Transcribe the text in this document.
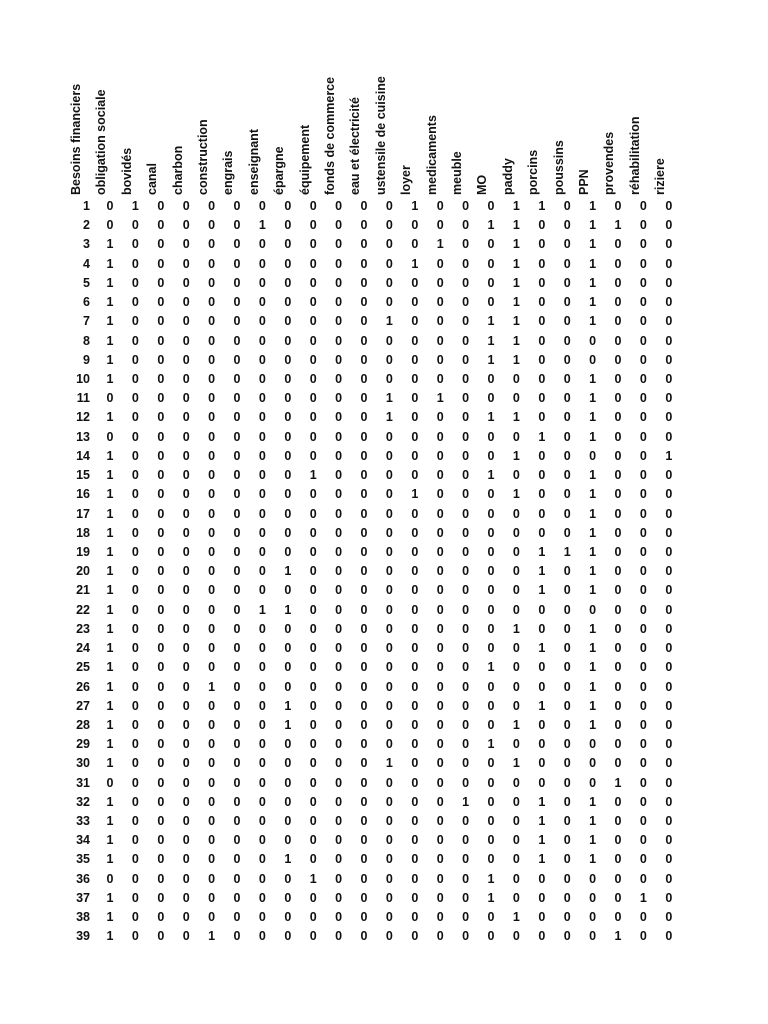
Besoins financiers obligation sociale bovidés canal charbon construction engrais enseignant épargne équipement fonds de commerce eau et électricité ustensile de cuisine loyer medicaments meuble MO paddy porcins poussins PPN provendes réhabilitation riziere
1 0 1 0 0 0 0 0 0 0 0 0 0 1 0 0 0 1 1 0 1 0 0 0
2 0 0 0 0 0 0 1 0 0 0 0 0 0 0 0 1 1 0 0 1 1 0 0
3 1 0 0 0 0 0 0 0 0 0 0 0 0 1 0 0 1 0 0 1 0 0 0
4 1 0 0 0 0 0 0 0 0 0 0 0 1 0 0 0 1 0 0 1 0 0 0
5 1 0 0 0 0 0 0 0 0 0 0 0 0 0 0 0 1 0 0 1 0 0 0
6 1 0 0 0 0 0 0 0 0 0 0 0 0 0 0 0 1 0 0 1 0 0 0
7 1 0 0 0 0 0 0 0 0 0 0 1 0 0 0 1 1 0 0 1 0 0 0
8 1 0 0 0 0 0 0 0 0 0 0 0 0 0 0 1 1 0 0 0 0 0 0
9 1 0 0 0 0 0 0 0 0 0 0 0 0 0 0 1 1 0 0 0 0 0 0
10 1 0 0 0 0 0 0 0 0 0 0 0 0 0 0 0 0 0 0 1 0 0 0
11 0 0 0 0 0 0 0 0 0 0 0 1 0 1 0 0 0 0 0 1 0 0 0
12 1 0 0 0 0 0 0 0 0 0 0 1 0 0 0 1 1 0 0 1 0 0 0
13 0 0 0 0 0 0 0 0 0 0 0 0 0 0 0 0 0 1 0 1 0 0 0
14 1 0 0 0 0 0 0 0 0 0 0 0 0 0 0 0 1 0 0 0 0 0 1
15 1 0 0 0 0 0 0 0 1 0 0 0 0 0 0 1 0 0 0 1 0 0 0
16 1 0 0 0 0 0 0 0 0 0 0 0 1 0 0 0 1 0 0 1 0 0 0
17 1 0 0 0 0 0 0 0 0 0 0 0 0 0 0 0 0 0 0 1 0 0 0
18 1 0 0 0 0 0 0 0 0 0 0 0 0 0 0 0 0 0 0 1 0 0 0
19 1 0 0 0 0 0 0 0 0 0 0 0 0 0 0 0 0 1 1 1 0 0 0
20 1 0 0 0 0 0 0 1 0 0 0 0 0 0 0 0 0 1 0 1 0 0 0
21 1 0 0 0 0 0 0 0 0 0 0 0 0 0 0 0 0 1 0 1 0 0 0
22 1 0 0 0 0 0 1 1 0 0 0 0 0 0 0 0 0 0 0 0 0 0 0
23 1 0 0 0 0 0 0 0 0 0 0 0 0 0 0 0 1 0 0 1 0 0 0
24 1 0 0 0 0 0 0 0 0 0 0 0 0 0 0 0 0 1 0 1 0 0 0
25 1 0 0 0 0 0 0 0 0 0 0 0 0 0 0 1 0 0 0 1 0 0 0
26 1 0 0 0 1 0 0 0 0 0 0 0 0 0 0 0 0 0 0 1 0 0 0
27 1 0 0 0 0 0 0 1 0 0 0 0 0 0 0 0 0 1 0 1 0 0 0
28 1 0 0 0 0 0 0 1 0 0 0 0 0 0 0 0 1 0 0 1 0 0 0
29 1 0 0 0 0 0 0 0 0 0 0 0 0 0 0 1 0 0 0 0 0 0 0
30 1 0 0 0 0 0 0 0 0 0 0 1 0 0 0 0 1 0 0 0 0 0 0
31 0 0 0 0 0 0 0 0 0 0 0 0 0 0 0 0 0 0 0 0 1 0 0
32 1 0 0 0 0 0 0 0 0 0 0 0 0 0 1 0 0 1 0 1 0 0 0
33 1 0 0 0 0 0 0 0 0 0 0 0 0 0 0 0 0 1 0 1 0 0 0
34 1 0 0 0 0 0 0 0 0 0 0 0 0 0 0 0 0 1 0 1 0 0 0
35 1 0 0 0 0 0 0 1 0 0 0 0 0 0 0 0 0 1 0 1 0 0 0
36 0 0 0 0 0 0 0 0 1 0 0 0 0 0 0 1 0 0 0 0 0 0 0
37 1 0 0 0 0 0 0 0 0 0 0 0 0 0 0 1 0 0 0 0 0 1 0
38 1 0 0 0 0 0 0 0 0 0 0 0 0 0 0 0 1 0 0 0 0 0 0
39 1 0 0 0 1 0 0 0 0 0 0 0 0 0 0 0 0 0 0 0 1 0 0
